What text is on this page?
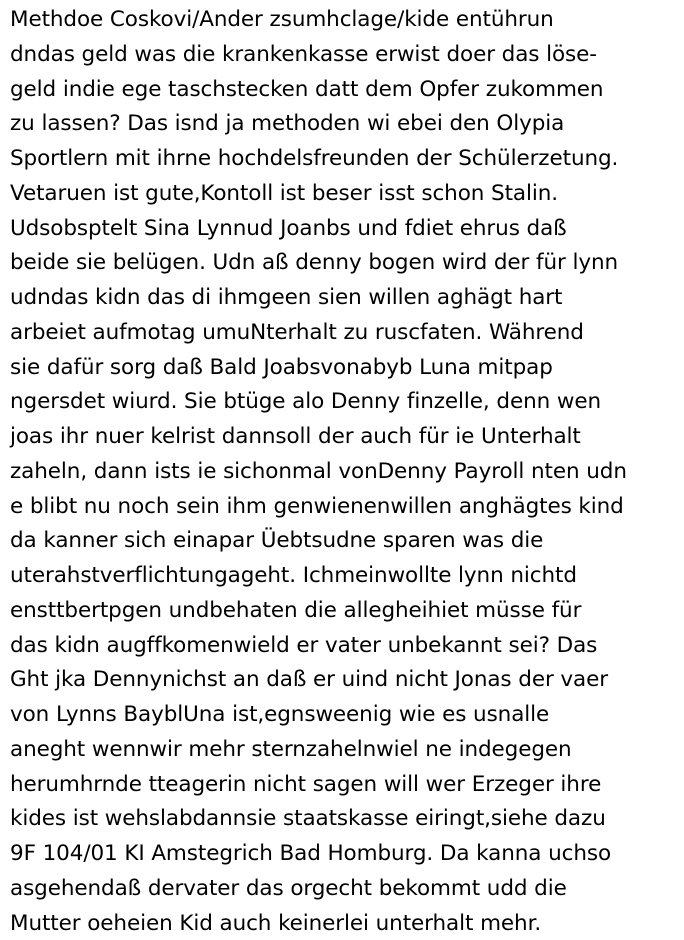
Methdoe Coskovi/Ander zsumhclage/kide entührun
dndas geld was die krankenkasse erwist doer das löse-
geld indie ege taschstecken datt dem Opfer zukommen
zu lassen? Das isnd ja methoden wi ebei den Olypia
Sportlern mit ihrne hochdelsfreunden der Schülerzetung.
Vetaruen ist gute,Kontoll ist beser isst schon Stalin.
Udsobsptelt Sina Lynnud Joanbs und fdiet ehrus daß
beide sie belügen. Udn aß denny bogen wird der für lynn
udndas kidn das di ihmgeen sien willen aghägt hart
arbeiet aufmotag umuNterhalt zu ruscfaten. Während
sie dafür sorg daß Bald Joabsvonabyb Luna mitpap
ngersdet wiurd. Sie btüge alo Denny finzelle, denn wen
joas ihr nuer kelrist dannsoll der auch für ie Unterhalt
zaheln, dann ists ie sichonmal vonDenny Payroll nten udn
e blibt nu noch sein ihm genwienenwillen anghägtes kind
da kanner sich einapar Üebtsudne sparen was die
uterahstverflichtungageht. Ichmeinwollte lynn nichtd
ensttbertpgen undbehaten die allegheihiet müsse für
das kidn augffkomenwield er vater unbekannt sei? Das
Ght jka Dennynichst an daß er uind nicht Jonas der vaer
von Lynns BayblUna ist,egnsweenig wie es usnalle
aneght wennwir mehr sternzahelnwiel ne indegegen
herumhrnde tteagerin nicht sagen will wer Erzeger ihre
kides ist wehslabdannsie staatskasse eiringt,siehe dazu
9F 104/01 KI Amstegrich Bad Homburg. Da kanna uchso
asgehendaß dervater das orgecht bekommt udd die
Mutter oeheien Kid auch keinerlei unterhalt mehr.
